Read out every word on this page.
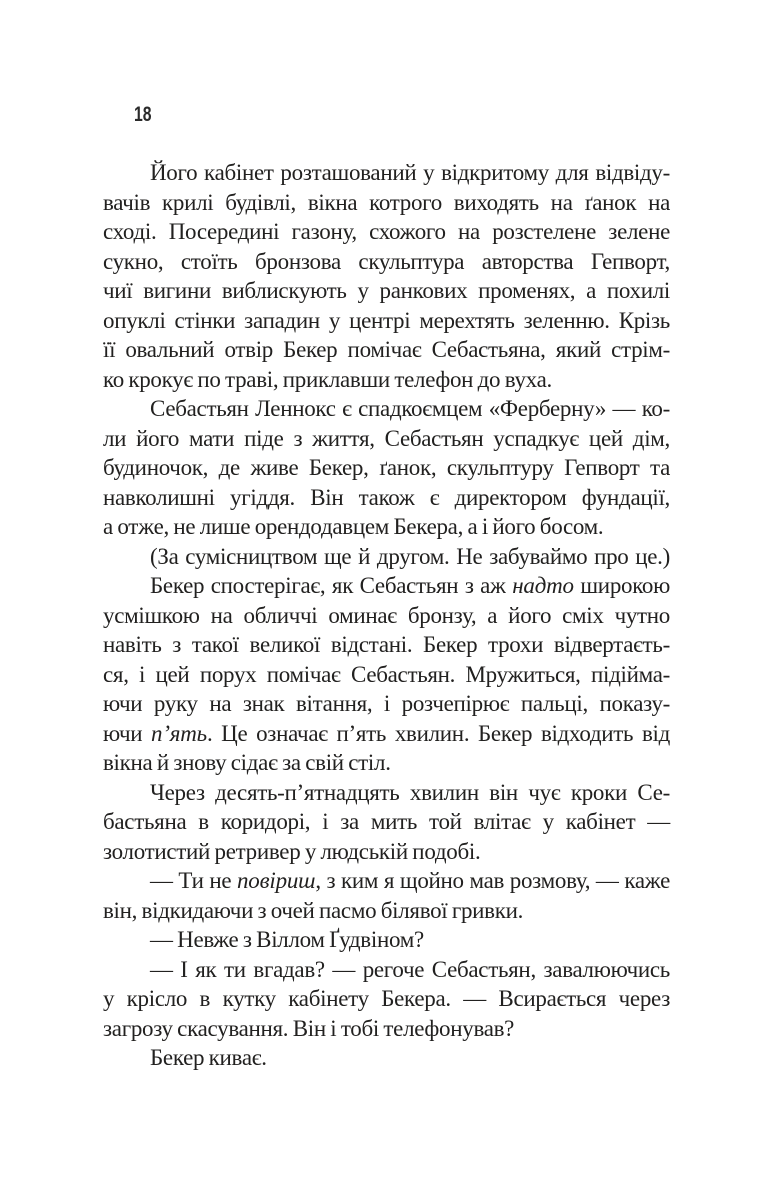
18
Його кабінет розташований у відкритому для відвіду-
вачів крилі будівлі, вікна котрого виходять на ґанок на
сході. Посередині газону, схожого на розстелене зелене
сукно, стоїть бронзова скульптура авторства Гепворт,
чиї вигини виблискують у ранкових променях, а похилі
опуклі стінки западин у центрі мерехтять зеленню. Крізь
її овальний отвір Бекер помічає Себастьяна, який стрім-
ко крокує по траві, приклавши телефон до вуха.
Себастьян Леннокс є спадкоємцем «Ферберну» — ко-
ли його мати піде з життя, Себастьян успадкує цей дім,
будиночок, де живе Бекер, ґанок, скульптуру Гепворт та
навколишні угіддя. Він також є директором фундації,
а отже, не лише орендодавцем Бекера, а і його босом.
(За сумісництвом ще й другом. Не забуваймо про це.)
Бекер спостерігає, як Себастьян з аж надто широкою
усмішкою на обличчі оминає бронзу, а його сміх чутно
навіть з такої великої відстані. Бекер трохи відвертаєть-
ся, і цей порух помічає Себастьян. Мружиться, підійма-
ючи руку на знак вітання, і розчепірює пальці, показу-
ючи п’ять. Це означає п’ять хвилин. Бекер відходить від
вікна й знову сідає за свій стіл.
Через десять-п’ятнадцять хвилин він чує кроки Се-
бастьяна в коридорі, і за мить той влітає у кабінет —
золотистий ретривер у людській подобі.
— Ти не повіриш, з ким я щойно мав розмову, — каже
він, відкидаючи з очей пасмо білявої гривки.
— Невже з Віллом Ґудвіном?
— І як ти вгадав? — регоче Себастьян, завалюючись
у крісло в кутку кабінету Бекера. — Всирається через
загрозу скасування. Він і тобі телефонував?
Бекер киває.
